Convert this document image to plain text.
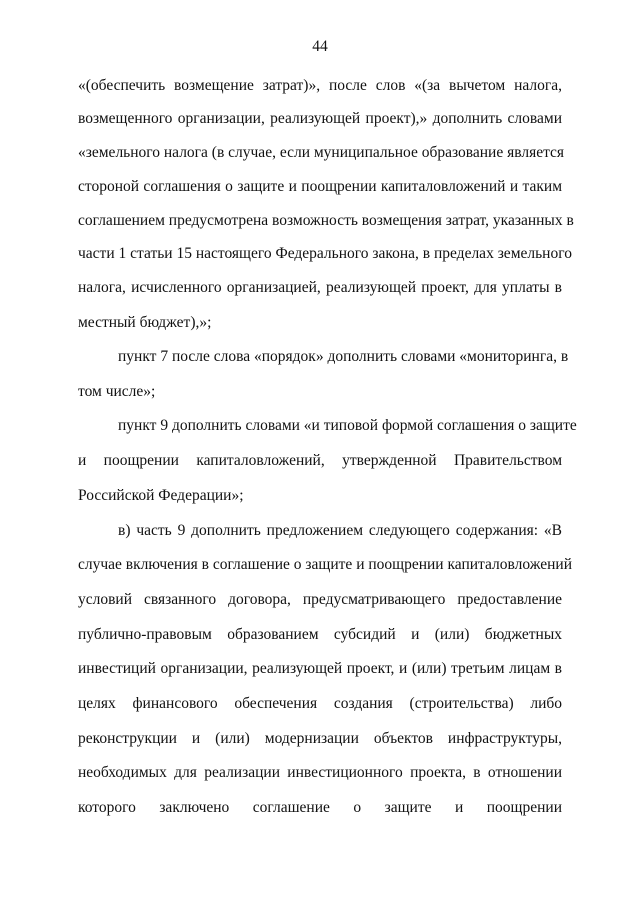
44
«(обеспечить возмещение затрат)», после слов «(за вычетом налога,
возмещенного организации, реализующей проект),» дополнить словами
«земельного налога (в случае, если муниципальное образование является
стороной соглашения о защите и поощрении капиталовложений и таким
соглашением предусмотрена возможность возмещения затрат, указанных в
части 1 статьи 15 настоящего Федерального закона, в пределах земельного
налога, исчисленного организацией, реализующей проект, для уплаты в
местный бюджет),»;
пункт 7 после слова «порядок» дополнить словами «мониторинга, в
том числе»;
пункт 9 дополнить словами «и типовой формой соглашения о защите
и поощрении капиталовложений, утвержденной Правительством
Российской Федерации»;
в) часть 9 дополнить предложением следующего содержания: «В
случае включения в соглашение о защите и поощрении капиталовложений
условий связанного договора, предусматривающего предоставление
публично-правовым образованием субсидий и (или) бюджетных
инвестиций организации, реализующей проект, и (или) третьим лицам в
целях финансового обеспечения создания (строительства) либо
реконструкции и (или) модернизации объектов инфраструктуры,
необходимых для реализации инвестиционного проекта, в отношении
которого заключено соглашение о защите и поощрении
